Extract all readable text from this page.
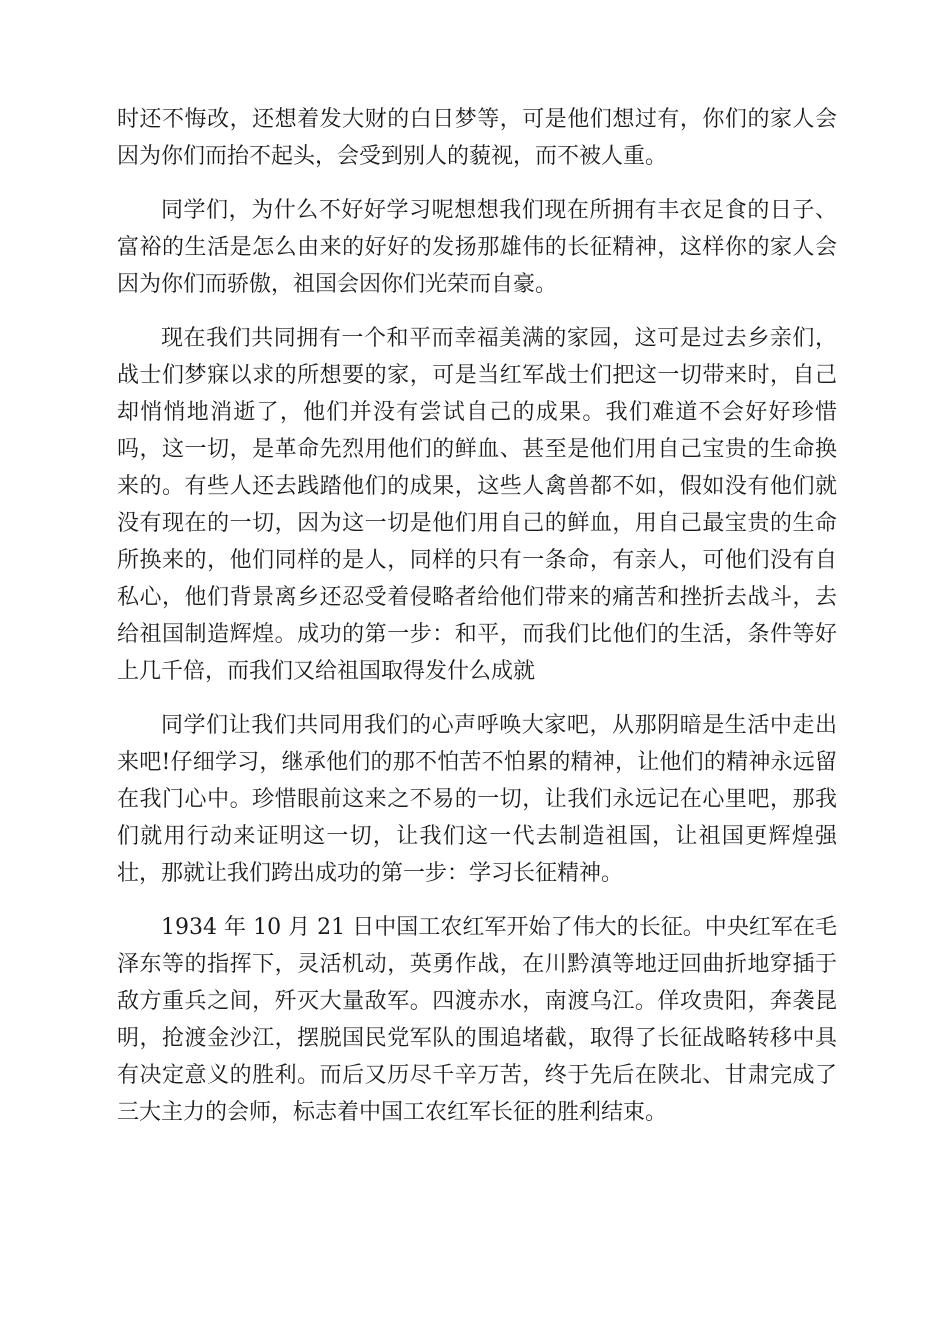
时还不悔改，还想着发大财的白日梦等，可是他们想过有，你们的家人会因为你们而抬不起头，会受到别人的藐视，而不被人重。

同学们，为什么不好好学习呢想想我们现在所拥有丰衣足食的日子、富裕的生活是怎么由来的好好的发扬那雄伟的长征精神，这样你的家人会因为你们而骄傲，祖国会因你们光荣而自豪。

现在我们共同拥有一个和平而幸福美满的家园，这可是过去乡亲们，战士们梦寐以求的所想要的家，可是当红军战士们把这一切带来时，自己却悄悄地消逝了，他们并没有尝试自己的成果。我们难道不会好好珍惜吗，这一切，是革命先烈用他们的鲜血、甚至是他们用自己宝贵的生命换来的。有些人还去践踏他们的成果，这些人禽兽都不如，假如没有他们就没有现在的一切，因为这一切是他们用自己的鲜血，用自己最宝贵的生命所换来的，他们同样的是人，同样的只有一条命，有亲人，可他们没有自私心，他们背景离乡还忍受着侵略者给他们带来的痛苦和挫折去战斗，去给祖国制造辉煌。成功的第一步：和平，而我们比他们的生活，条件等好上几千倍，而我们又给祖国取得发什么成就

同学们让我们共同用我们的心声呼唤大家吧，从那阴暗是生活中走出来吧!仔细学习，继承他们的那不怕苦不怕累的精神，让他们的精神永远留在我门心中。珍惜眼前这来之不易的一切，让我们永远记在心里吧，那我们就用行动来证明这一切，让我们这一代去制造祖国，让祖国更辉煌强壮，那就让我们跨出成功的第一步：学习长征精神。

1934 年 10 月 21 日中国工农红军开始了伟大的长征。中央红军在毛泽东等的指挥下，灵活机动，英勇作战，在川黔滇等地迂回曲折地穿插于敌方重兵之间，歼灭大量敌军。四渡赤水，南渡乌江。佯攻贵阳，奔袭昆明，抢渡金沙江，摆脱国民党军队的围追堵截，取得了长征战略转移中具有决定意义的胜利。而后又历尽千辛万苦，终于先后在陕北、甘肃完成了三大主力的会师，标志着中国工农红军长征的胜利结束。
